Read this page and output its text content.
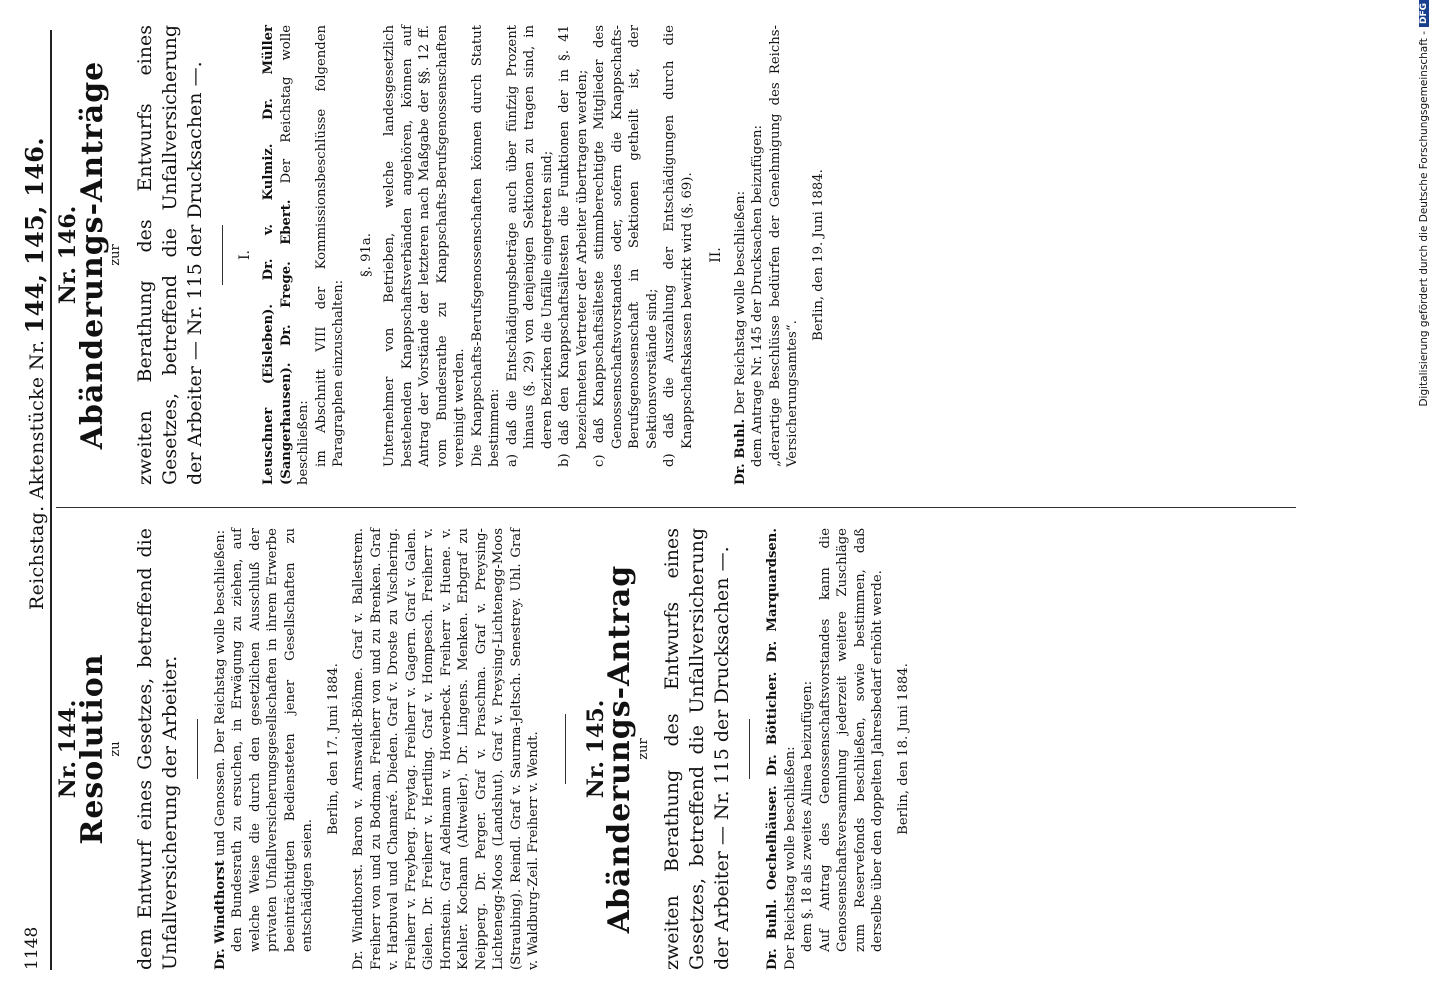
1148
Reichstag. Aktenstücke Nr. 144, 145, 146.
Nr. 144.
Resolution
zu dem Entwurf eines Gesetzes, betreffend die Unfallversicherung der Arbeiter. Dr. Windthorst und Genossen. Der Reichstag wolle beschließen: den Bundesrath zu ersuchen, in Erwägung zu ziehen, auf welche Weise die durch den gesetzlichen Ausschluß der privaten Unfallversicherungsgesellschaften in ihrem Erwerbe beeinträchtigten Bediensteten jener Gesellschaften zu entschädigen seien.

Berlin, den 17. Juni 1884. Dr. Windthorst. Baron v. Arnswaldt-Böhme. Graf v. Ballestrem. Freiherr von und zu Bodman. Freiherr von und zu Brenken. Graf v. Harbuval und Chamaré. Dieden. Graf v. Droste zu Vischering. Freiherr v. Freyberg. Freytag. Freiherr v. Gagern. Graf v. Galen. Gielen. Dr. Freiherr v. Hertling. Graf v. Hompesch. Freiherr v. Hornstein. Graf Adelmann v. Hoverbeck. Freiherr v. Huene. v. Kehler. Kochann (Altweiler). Dr. Lingens. Menken. Erbgraf zu Neipperg. Dr. Perger. Graf v. Praschma. Graf v. Preysing-Lichtenegg-Moos (Landshut). Graf v. Preysing-Lichtenegg-Moos (Straubing). Reindl. Graf v. Saurma-Jeltsch. Senestrey. Uhl. Graf v. Waldburg-Zeil. Freiherr v. Wendt. Nr. 145.
Abänderungs-Antrag
zur zweiten Berathung des Entwurfs eines Gesetzes, betreffend die Unfallversicherung der Arbeiter — Nr. 115 der Drucksachen —. Dr. Buhl. Oechelhäuser. Dr. Bötticher. Dr. Marquardsen. Der Reichstag wolle beschließen: dem §. 18 als zweites Alinea beizufügen: Auf Antrag des Genossenschaftsvorstandes kann die Genossenschaftsversammlung jederzeit weitere Zuschläge zum Reservefonds beschließen, sowie bestimmen, daß derselbe über den doppelten Jahresbedarf erhöht werde. Berlin, den 18. Juni 1884.

Nr. 146.
Abänderungs-Anträge
zur zweiten Berathung des Entwurfs eines Gesetzes, betreffend die Unfallversicherung der Arbeiter — Nr. 115 der Drucksachen —. I. Leuschner (Eisleben). Dr. v. Kulmiz. Dr. Müller (Sangerhausen). Dr. Frege. Ebert. Der Reichstag wolle beschließen: im Abschnitt VIII der Kommissionsbeschlüsse folgenden Paragraphen einzuschalten:

§. 91a. Unternehmer von Betrieben, welche landesgesetzlich bestehenden Knappschaftsverbänden angehören, können auf Antrag der Vorstände der letzteren nach Maßgabe der §§. 12 ff. vom Bundesrathe zu Knappschafts-Berufsgenossenschaften vereinigt werden. Die Knappschafts-Berufsgenossenschaften können durch Statut bestimmen: a) daß die Entschädigungsbeträge auch über fünfzig Prozent hinaus (§. 29) von denjenigen Sektionen zu tragen sind, in deren Bezirken die Unfälle eingetreten sind; b) daß den Knappschaftsältesten die Funktionen der in §. 41 bezeichneten Vertreter der Arbeiter übertragen werden; c) daß Knappschaftsälteste stimmberechtigte Mitglieder des Genossenschaftsvorstandes oder, sofern die Knappschafts-Berufsgenossenschaft in Sektionen getheilt ist, der Sektionsvorstände sind; d) daß die Auszahlung der Entschädigungen durch die Knappschaftskassen bewirkt wird (§. 69). II.

Dr. Buhl. Der Reichstag wolle beschließen: dem Antrage Nr. 145 der Drucksachen beizufügen: „derartige Beschlüsse bedürfen der Genehmigung des Reichs-Versicherungsamtes“.

Berlin, den 19. Juni 1884.	Digitalisierung gefördert durch die Deutsche Forschungsgemeinschaft -
DFG
